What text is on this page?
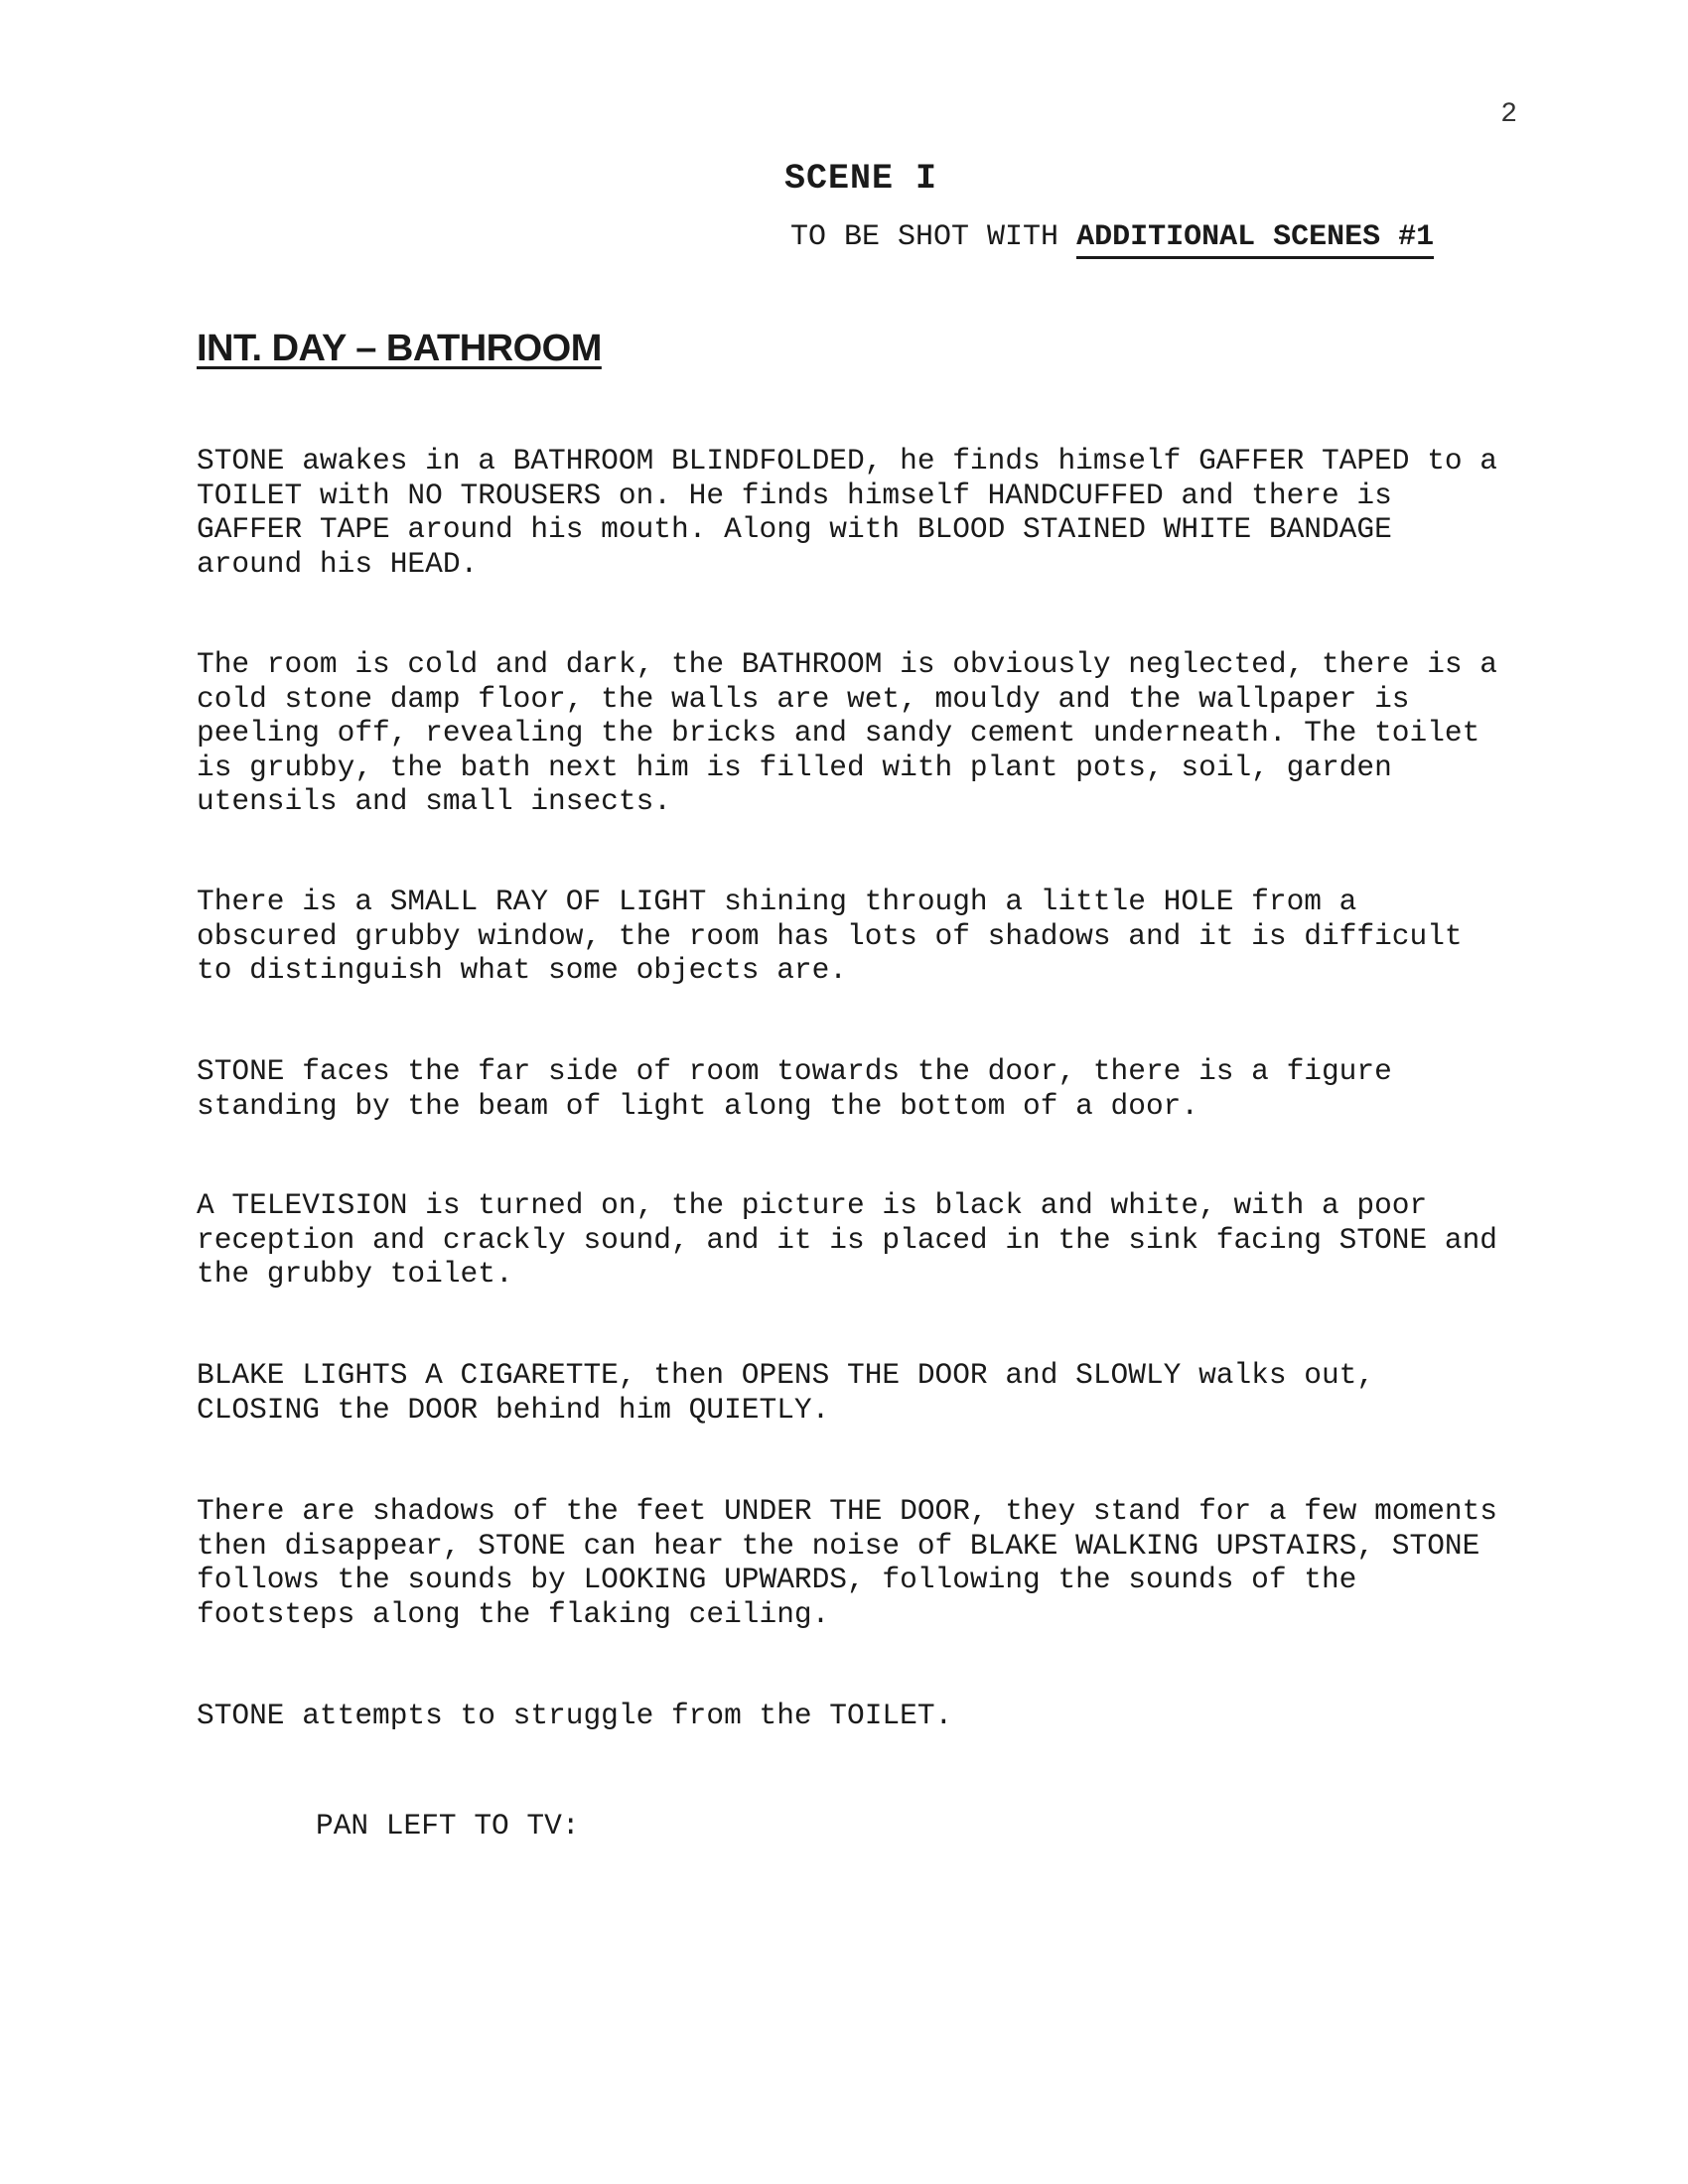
2
SCENE I
TO BE SHOT WITH ADDITIONAL SCENES #1
INT. DAY – BATHROOM

STONE awakes in a BATHROOM BLINDFOLDED, he finds himself GAFFER TAPED to a
TOILET with NO TROUSERS on. He finds himself HANDCUFFED and there is
GAFFER TAPE around his mouth. Along with BLOOD STAINED WHITE BANDAGE
around his HEAD.

The room is cold and dark, the BATHROOM is obviously neglected, there is a
cold stone damp floor, the walls are wet, mouldy and the wallpaper is
peeling off, revealing the bricks and sandy cement underneath. The toilet
is grubby, the bath next him is filled with plant pots, soil, garden
utensils and small insects.

There is a SMALL RAY OF LIGHT shining through a little HOLE from a
obscured grubby window, the room has lots of shadows and it is difficult
to distinguish what some objects are.

STONE faces the far side of room towards the door, there is a figure
standing by the beam of light along the bottom of a door.

A TELEVISION is turned on, the picture is black and white, with a poor
reception and crackly sound, and it is placed in the sink facing STONE and
the grubby toilet.

BLAKE LIGHTS A CIGARETTE, then OPENS THE DOOR and SLOWLY walks out,
CLOSING the DOOR behind him QUIETLY.

There are shadows of the feet UNDER THE DOOR, they stand for a few moments
then disappear, STONE can hear the noise of BLAKE WALKING UPSTAIRS, STONE
follows the sounds by LOOKING UPWARDS, following the sounds of the
footsteps along the flaking ceiling.

STONE attempts to struggle from the TOILET.

PAN LEFT TO TV:
